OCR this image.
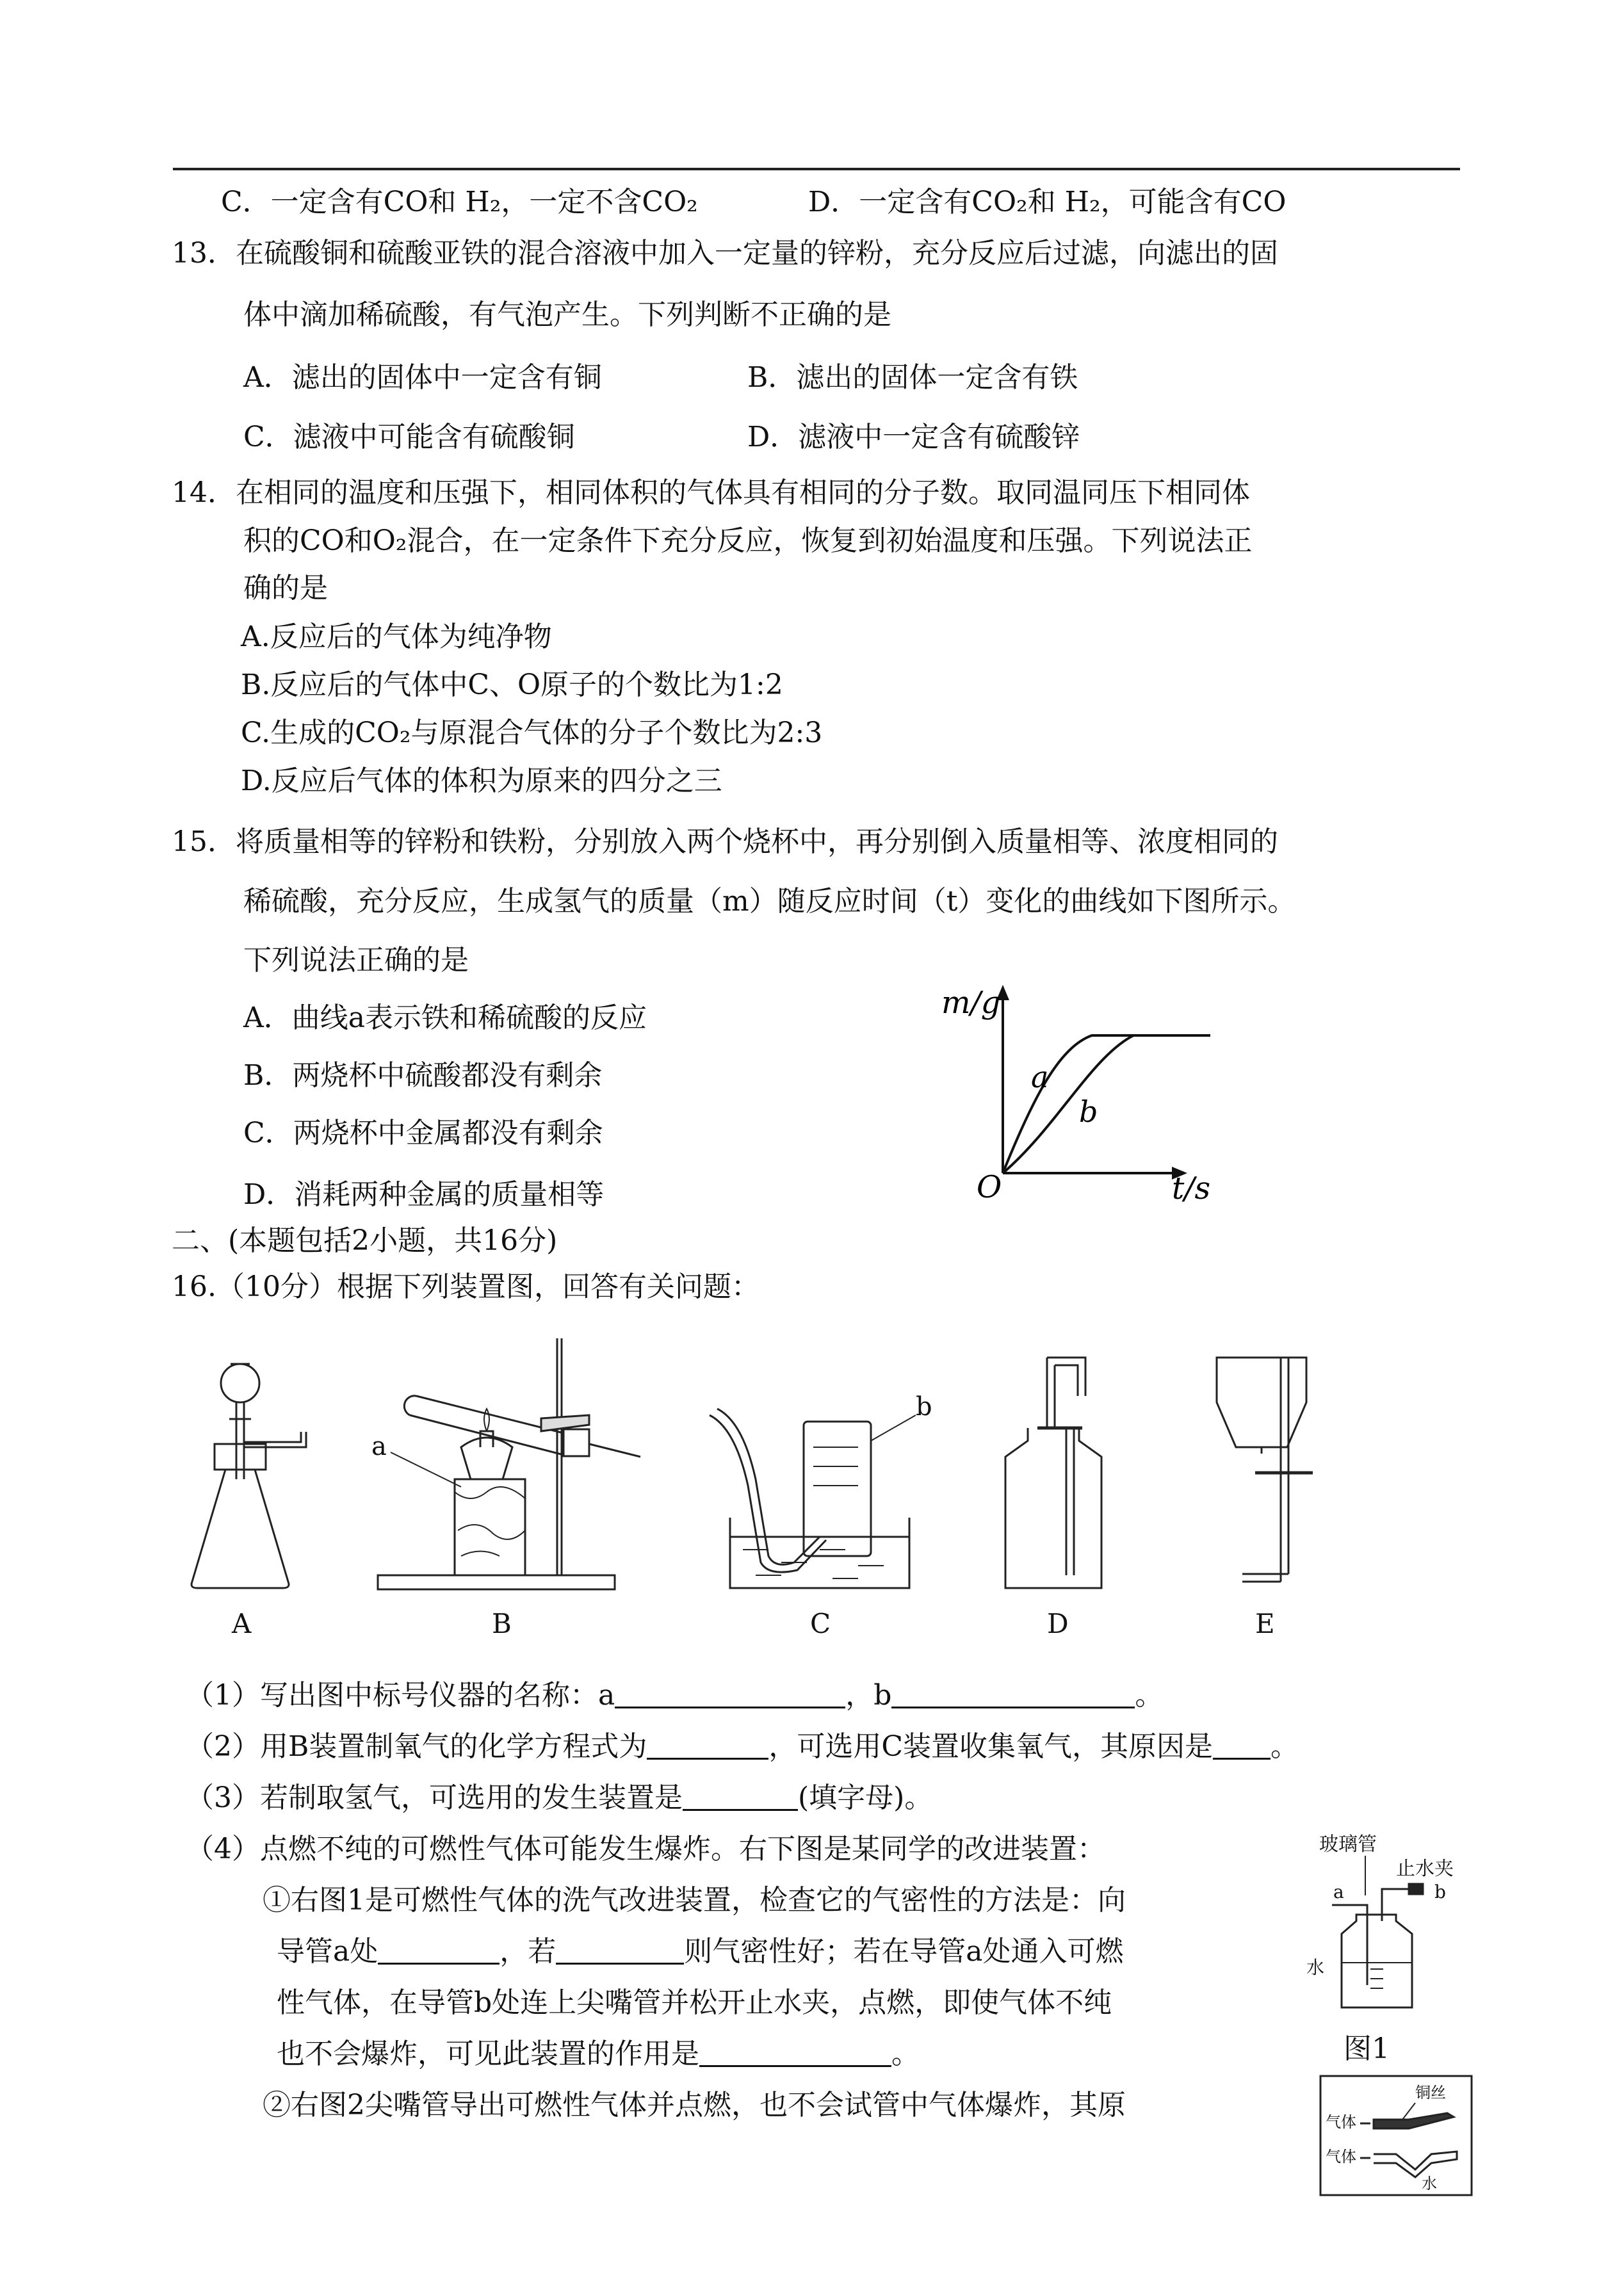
C．一定含有CO和 H₂，一定不含CO₂	D．一定含有CO₂和 H₂，可能含有CO
13．在硫酸铜和硫酸亚铁的混合溶液中加入一定量的锌粉，充分反应后过滤，向滤出的固
体中滴加稀硫酸，有气泡产生。下列判断不正确的是
A．滤出的固体中一定含有铜	B．滤出的固体一定含有铁
C．滤液中可能含有硫酸铜	D．滤液中一定含有硫酸锌
14．在相同的温度和压强下，相同体积的气体具有相同的分子数。取同温同压下相同体
积的CO和O₂混合，在一定条件下充分反应，恢复到初始温度和压强。下列说法正
确的是
A.反应后的气体为纯净物
B.反应后的气体中C、O原子的个数比为1:2
C.生成的CO₂与原混合气体的分子个数比为2:3
D.反应后气体的体积为原来的四分之三
15．将质量相等的锌粉和铁粉，分别放入两个烧杯中，再分别倒入质量相等、浓度相同的
稀硫酸，充分反应，生成氢气的质量（m）随反应时间（t）变化的曲线如下图所示。
下列说法正确的是
A．曲线a表示铁和稀硫酸的反应
B．两烧杯中硫酸都没有剩余
C．两烧杯中金属都没有剩余
D．消耗两种金属的质量相等
m/g
a
b
O	t/s
二、(本题包括2小题，共16分)
16.（10分）根据下列装置图，回答有关问题：
a
b
A	B	C	D	E
（1）写出图中标号仪器的名称：a	，b	。
（2）用B装置制氧气的化学方程式为	，可选用C装置收集氧气，其原因是 。
（3）若制取氢气，可选用的发生装置是	(填字母)。
（4）点燃不纯的可燃性气体可能发生爆炸。右下图是某同学的改进装置：
①右图1是可燃性气体的洗气改进装置，检查它的气密性的方法是：向
导管a处	，若	则气密性好；若在导管a处通入可燃
性气体，在导管b处连上尖嘴管并松开止水夹，点燃，即使气体不纯
也不会爆炸，可见此装置的作用是	。
②右图2尖嘴管导出可燃性气体并点燃，也不会试管中气体爆炸，其原
玻璃管
止水夹
a	b
水
图1
铜丝
气体
气体
水
